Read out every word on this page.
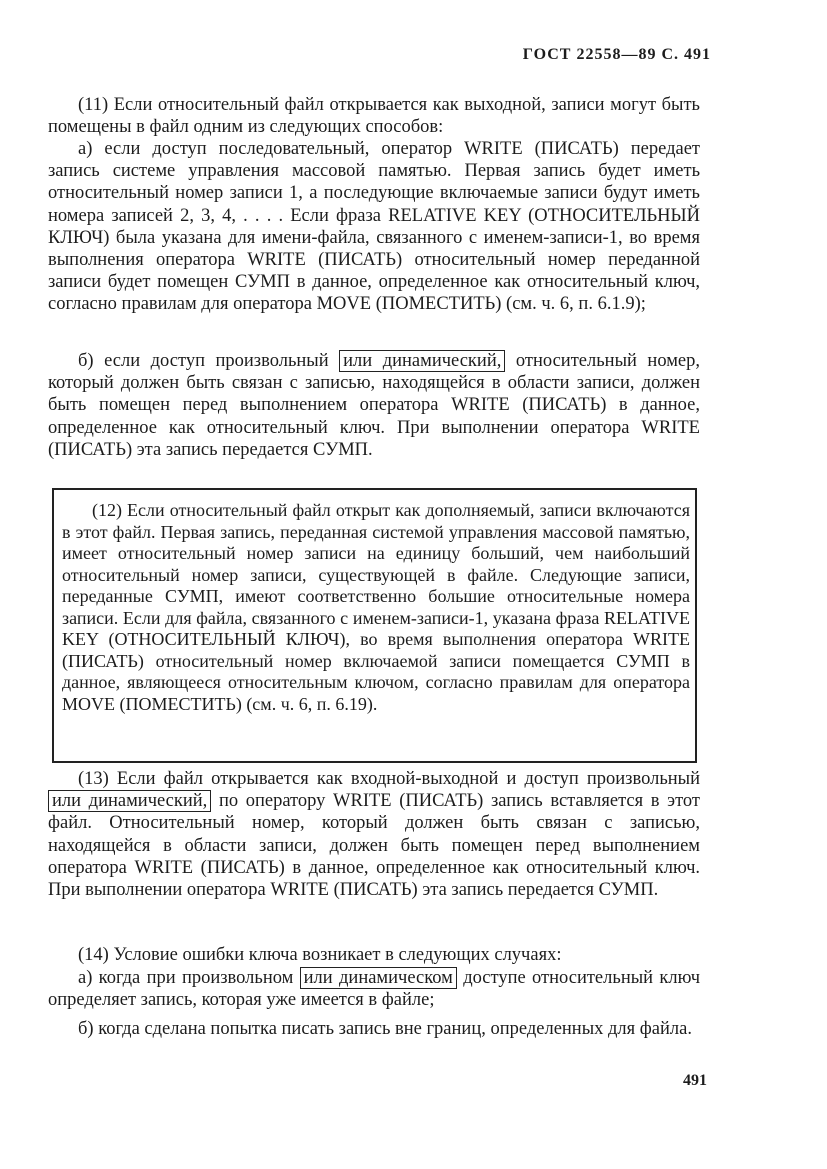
ГОСТ 22558—89 С. 491
(11) Если относительный файл открывается как выходной, записи могут быть помещены в файл одним из следующих способов:
а) если доступ последовательный, оператор WRITE (ПИСАТЬ) передает запись системе управления массовой памятью. Первая запись будет иметь относительный номер записи 1, а последующие включаемые записи будут иметь номера записей 2, 3, 4, . . . . Если фраза RELATIVE KEY (ОТНОСИТЕЛЬНЫЙ КЛЮЧ) была указана для имени-файла, связанного с именем-записи-1, во время выполнения оператора WRITE (ПИСАТЬ) относительный номер переданной записи будет помещен СУМП в данное, определенное как относительный ключ, согласно правилам для оператора MOVE (ПОМЕСТИТЬ) (см. ч. 6, п. 6.1.9);
б) если доступ произвольный или динамический, относительный номер, который должен быть связан с записью, находящейся в области записи, должен быть помещен перед выполнением оператора WRITE (ПИСАТЬ) в данное, определенное как относительный ключ. При выполнении оператора WRITE (ПИСАТЬ) эта запись передается СУМП.
(12) Если относительный файл открыт как дополняемый, записи включаются в этот файл. Первая запись, переданная системой управления массовой памятью, имеет относительный номер записи на единицу больший, чем наибольший относительный номер записи, существующей в файле. Следующие записи, переданные СУМП, имеют соответственно большие относительные номера записи. Если для файла, связанного с именем-записи-1, указана фраза RELATIVE KEY (ОТНОСИТЕЛЬНЫЙ КЛЮЧ), во время выполнения оператора WRITE (ПИСАТЬ) относительный номер включаемой записи помещается СУМП в данное, являющееся относительным ключом, согласно правилам для оператора MOVE (ПОМЕСТИТЬ) (см. ч. 6, п. 6.19).
(13) Если файл открывается как входной-выходной и доступ произвольный или динамический, по оператору WRITE (ПИСАТЬ) запись вставляется в этот файл. Относительный номер, который должен быть связан с записью, находящейся в области записи, должен быть помещен перед выполнением оператора WRITE (ПИСАТЬ) в данное, определенное как относительный ключ. При выполнении оператора WRITE (ПИСАТЬ) эта запись передается СУМП.
(14) Условие ошибки ключа возникает в следующих случаях:
а) когда при произвольном или динамическом доступе относительный ключ определяет запись, которая уже имеется в файле;
б) когда сделана попытка писать запись вне границ, определенных для файла.
491
